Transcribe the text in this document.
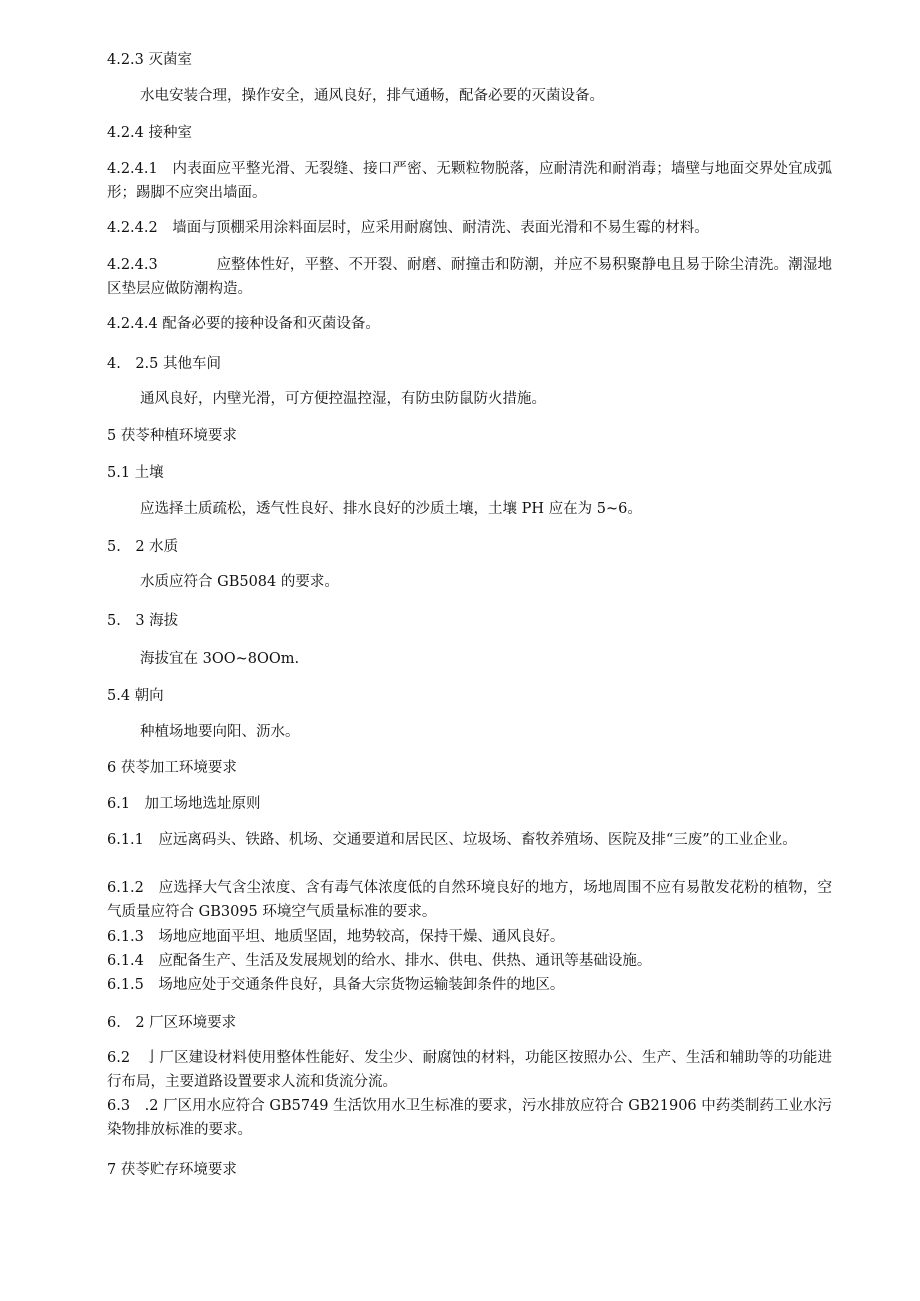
4.2.3 灭菌室

水电安装合理，操作安全，通风良好，排气通畅，配备必要的灭菌设备。

4.2.4 接种室

4.2.4.1　内表面应平整光滑、无裂缝、接口严密、无颗粒物脱落，应耐清洗和耐消毒；墙壁与地面交界处宜成弧形；踢脚不应突出墙面。

4.2.4.2　墙面与顶棚采用涂料面层时，应采用耐腐蚀、耐清洗、表面光滑和不易生霉的材料。

4.2.4.3　　　　应整体性好，平整、不开裂、耐磨、耐撞击和防潮，并应不易积聚静电且易于除尘清洗。潮湿地区垫层应做防潮构造。

4.2.4.4 配备必要的接种设备和灭菌设备。

4.　2.5 其他车间

通风良好，内壁光滑，可方便控温控湿，有防虫防鼠防火措施。

5 茯苓种植环境要求

5.1 土壤

应选择土质疏松，透气性良好、排水良好的沙质土壤，土壤 PH 应在为 5~6。

5.　2 水质

水质应符合 GB5084 的要求。

5.　3 海拔

海拔宜在 3OO~8OOm.

5.4 朝向

种植场地要向阳、沥水。

6 茯苓加工环境要求

6.1　加工场地选址原则

6.1.1　应远离码头、铁路、机场、交通要道和居民区、垃圾场、畜牧养殖场、医院及排“三废”的工业企业。

6.1.2　应选择大气含尘浓度、含有毒气体浓度低的自然环境良好的地方，场地周围不应有易散发花粉的植物，空气质量应符合 GB3095 环境空气质量标准的要求。

6.1.3　场地应地面平坦、地质坚固，地势较高，保持干燥、通风良好。

6.1.4　应配备生产、生活及发展规划的给水、排水、供电、供热、通讯等基础设施。

6.1.5　场地应处于交通条件良好，具备大宗货物运输装卸条件的地区。

6.　2 厂区环境要求

6.2　亅厂区建设材料使用整体性能好、发尘少、耐腐蚀的材料，功能区按照办公、生产、生活和辅助等的功能进行布局，主要道路设置要求人流和货流分流。

6.3　.2 厂区用水应符合 GB5749 生活饮用水卫生标准的要求，污水排放应符合 GB21906 中药类制药工业水污染物排放标准的要求。

7 茯苓贮存环境要求
